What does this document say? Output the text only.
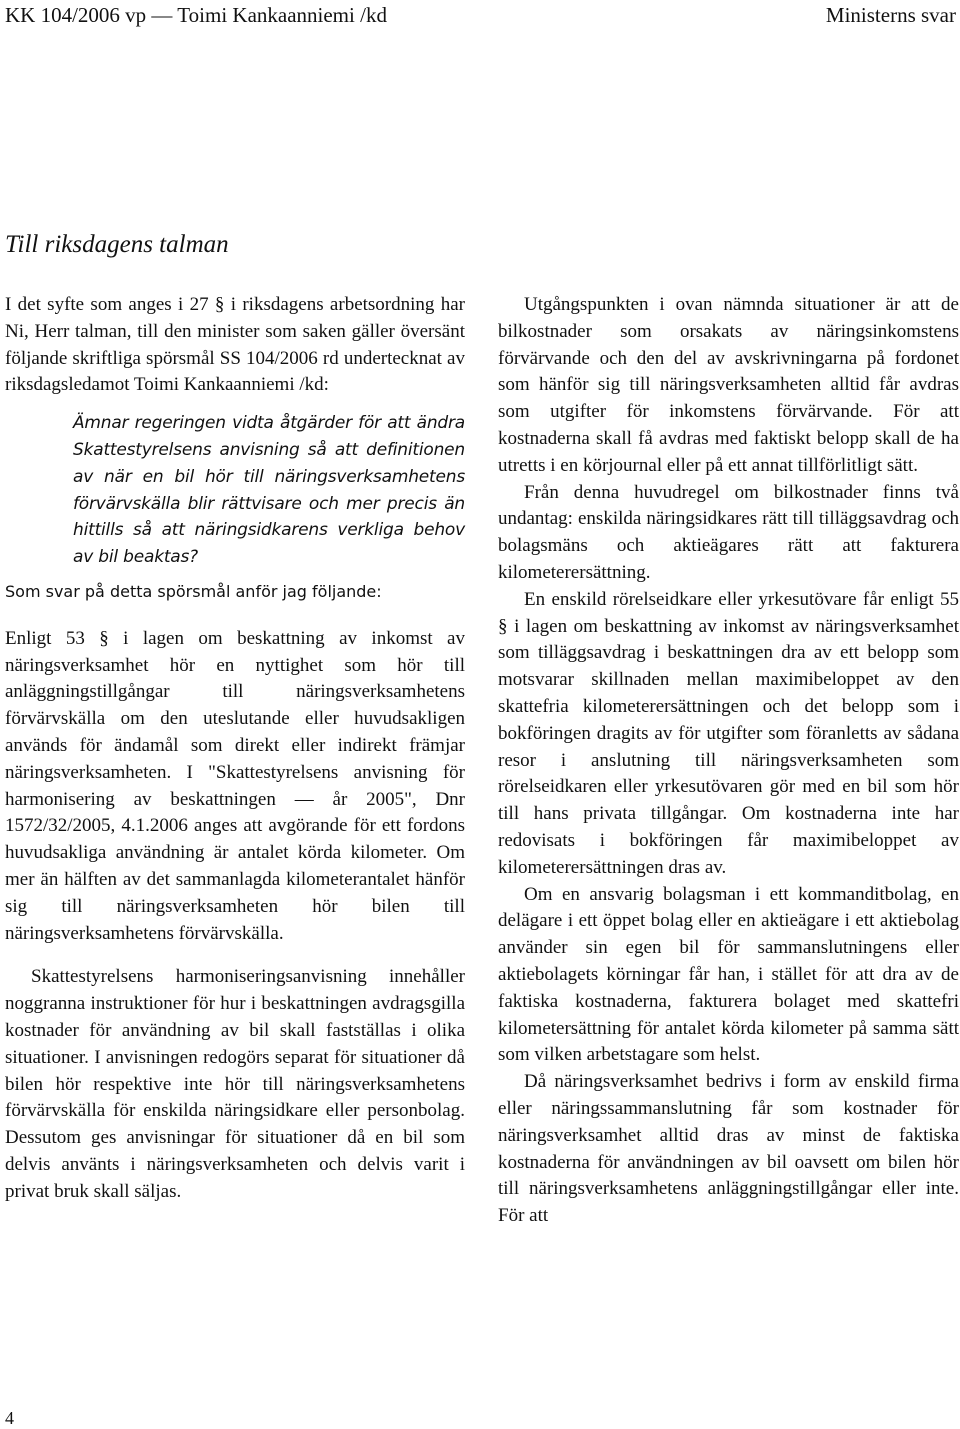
KK 104/2006 vp — Toimi Kankaanniemi /kd	Ministerns svar
Till riksdagens talman

I det syfte som anges i 27 § i riksdagens arbetsordning har Ni, Herr talman, till den minister som saken gäller översänt följande skriftliga spörsmål SS 104/2006 rd undertecknat av riksdagsledamot Toimi Kankaanniemi /kd:

Ämnar regeringen vidta åtgärder för att ändra Skattestyrelsens anvisning så att definitionen av när en bil hör till näringsverksamhetens förvärvskälla blir rättvisare och mer precis än hittills så att näringsidkarens verkliga behov av bil beaktas?

Som svar på detta spörsmål anför jag följande:

Enligt 53 § i lagen om beskattning av inkomst av näringsverksamhet hör en nyttighet som hör till anläggningstillgångar till näringsverksamhetens förvärvskälla om den uteslutande eller huvudsakligen används för ändamål som direkt eller indirekt främjar näringsverksamheten. I "Skattestyrelsens anvisning för harmonisering av beskattningen — år 2005", Dnr 1572/32/2005, 4.1.2006 anges att avgörande för ett fordons huvudsakliga användning är antalet körda kilometer. Om mer än hälften av det sammanlagda kilometerantalet hänför sig till näringsverksamheten hör bilen till näringsverksamhetens förvärvskälla.

Skattestyrelsens harmoniseringsanvisning innehåller noggranna instruktioner för hur i beskattningen avdragsgilla kostnader för användning av bil skall fastställas i olika situationer. I anvisningen redogörs separat för situationer då bilen hör respektive inte hör till näringsverksamhetens förvärvskälla för enskilda näringsidkare eller personbolag. Dessutom ges anvisningar för situationer då en bil som delvis använts i näringsverksamheten och delvis varit i privat bruk skall säljas.

Utgångspunkten i ovan nämnda situationer är att de bilkostnader som orsakats av näringsinkomstens förvärvande och den del av avskrivningarna på fordonet som hänför sig till näringsverksamheten alltid får avdras som utgifter för inkomstens förvärvande. För att kostnaderna skall få avdras med faktiskt belopp skall de ha utretts i en körjournal eller på ett annat tillförlitligt sätt.

Från denna huvudregel om bilkostnader finns två undantag: enskilda näringsidkares rätt till tilläggsavdrag och bolagsmäns och aktieägares rätt att fakturera kilometerersättning.

En enskild rörelseidkare eller yrkesutövare får enligt 55 § i lagen om beskattning av inkomst av näringsverksamhet som tilläggsavdrag i beskattningen dra av ett belopp som motsvarar skillnaden mellan maximibeloppet av den skattefria kilometerersättningen och det belopp som i bokföringen dragits av för utgifter som föranletts av sådana resor i anslutning till näringsverksamheten som rörelseidkaren eller yrkesutövaren gör med en bil som hör till hans privata tillgångar. Om kostnaderna inte har redovisats i bokföringen får maximibeloppet av kilometerersättningen dras av.

Om en ansvarig bolagsman i ett kommanditbolag, en delägare i ett öppet bolag eller en aktieägare i ett aktiebolag använder sin egen bil för sammanslutningens eller aktiebolagets körningar får han, i stället för att dra av de faktiska kostnaderna, fakturera bolaget med skattefri kilometersättning för antalet körda kilometer på samma sätt som vilken arbetstagare som helst.

Då näringsverksamhet bedrivs i form av enskild firma eller näringssammanslutning får som kostnader för näringsverksamhet alltid dras av minst de faktiska kostnaderna för användningen av bil oavsett om bilen hör till näringsverksamhetens anläggningstillgångar eller inte. För att

4
